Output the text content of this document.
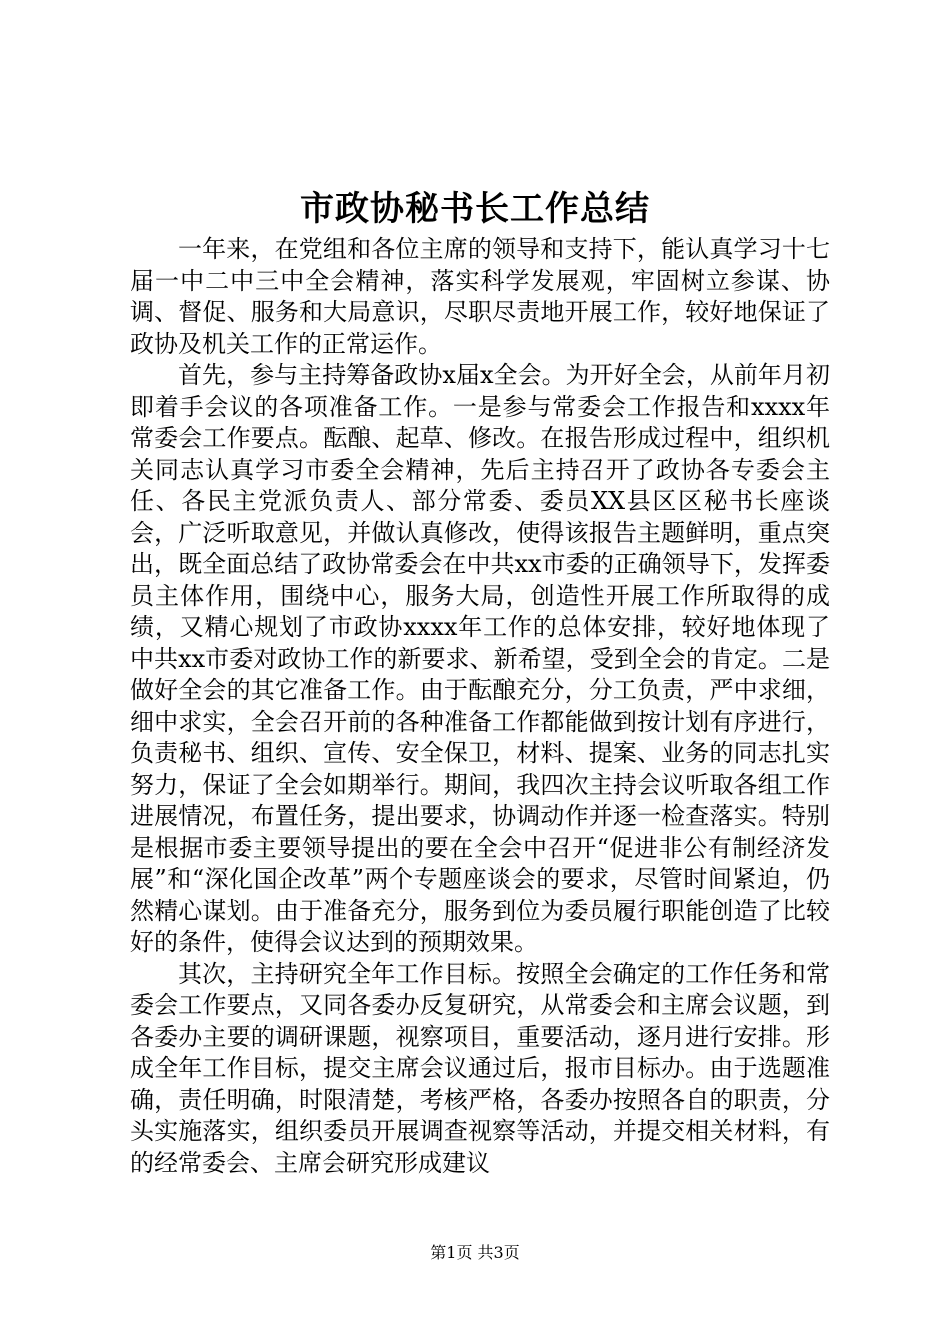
市政协秘书长工作总结

一年来，在党组和各位主席的领导和支持下，能认真学习十七届一中二中三中全会精神，落实科学发展观，牢固树立参谋、协调、督促、服务和大局意识，尽职尽责地开展工作，较好地保证了政协及机关工作的正常运作。

首先，参与主持筹备政协x届x全会。为开好全会，从前年月初即着手会议的各项准备工作。一是参与常委会工作报告和xxxx年常委会工作要点。酝酿、起草、修改。在报告形成过程中，组织机关同志认真学习市委全会精神，先后主持召开了政协各专委会主任、各民主党派负责人、部分常委、委员XX县区区秘书长座谈会，广泛听取意见，并做认真修改，使得该报告主题鲜明，重点突出，既全面总结了政协常委会在中共xx市委的正确领导下，发挥委员主体作用，围绕中心，服务大局，创造性开展工作所取得的成绩，又精心规划了市政协xxxx年工作的总体安排，较好地体现了中共xx市委对政协工作的新要求、新希望，受到全会的肯定。二是做好全会的其它准备工作。由于酝酿充分，分工负责，严中求细，细中求实，全会召开前的各种准备工作都能做到按计划有序进行，负责秘书、组织、宣传、安全保卫，材料、提案、业务的同志扎实努力，保证了全会如期举行。期间，我四次主持会议听取各组工作进展情况，布置任务，提出要求，协调动作并逐一检查落实。特别是根据市委主要领导提出的要在全会中召开“促进非公有制经济发展”和“深化国企改革”两个专题座谈会的要求，尽管时间紧迫，仍然精心谋划。由于准备充分，服务到位为委员履行职能创造了比较好的条件，使得会议达到的预期效果。

其次，主持研究全年工作目标。按照全会确定的工作任务和常委会工作要点，又同各委办反复研究，从常委会和主席会议题，到各委办主要的调研课题，视察项目，重要活动，逐月进行安排。形成全年工作目标，提交主席会议通过后，报市目标办。由于选题准确，责任明确，时限清楚，考核严格，各委办按照各自的职责，分头实施落实，组织委员开展调查视察等活动，并提交相关材料，有的经常委会、主席会研究形成建议

第1页 共3页
